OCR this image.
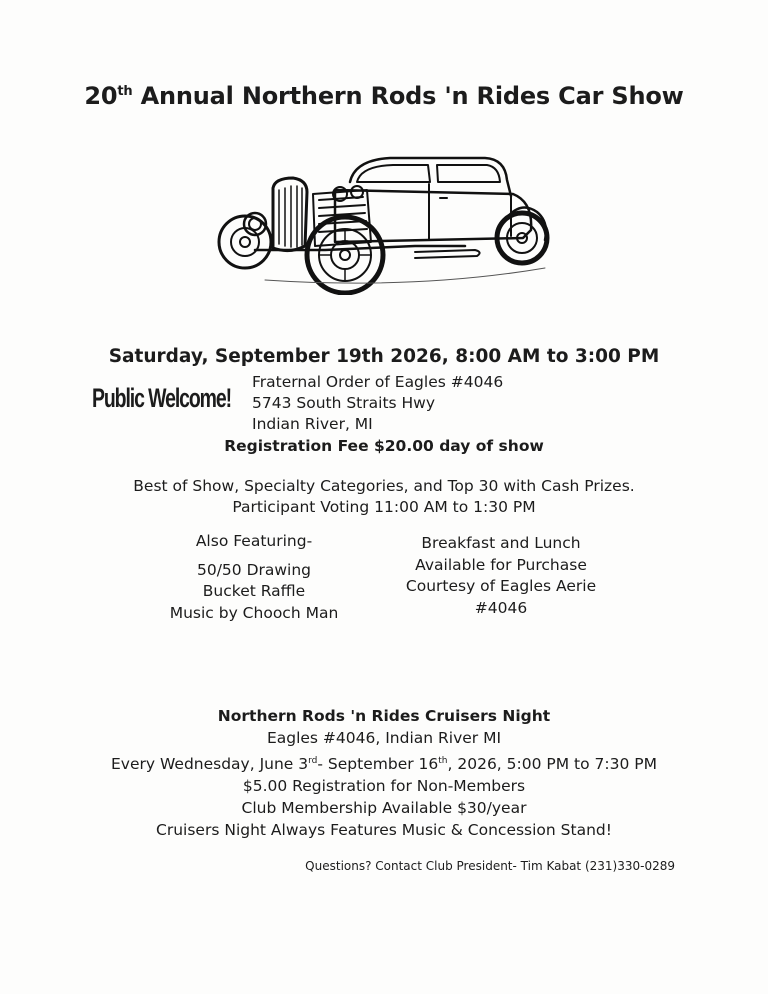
20th Annual Northern Rods 'n Rides Car Show
Saturday, September 19th 2026, 8:00 AM to 3:00 PM
Public Welcome!
Fraternal Order of Eagles #4046
5743 South Straits Hwy
Indian River, MI
Registration Fee $20.00 day of show
Best of Show, Specialty Categories, and Top 30 with Cash Prizes.
Participant Voting 11:00 AM to 1:30 PM
Also Featuring-
50/50 Drawing
Bucket Raffle
Music by Chooch Man
Breakfast and Lunch
Available for Purchase
Courtesy of Eagles Aerie
#4046
Northern Rods 'n Rides Cruisers Night
Eagles #4046, Indian River MI
Every Wednesday, June 3rd- September 16th, 2026, 5:00 PM to 7:30 PM
$5.00 Registration for Non-Members
Club Membership Available $30/year
Cruisers Night Always Features Music & Concession Stand!
Questions? Contact Club President- Tim Kabat (231)330-0289
